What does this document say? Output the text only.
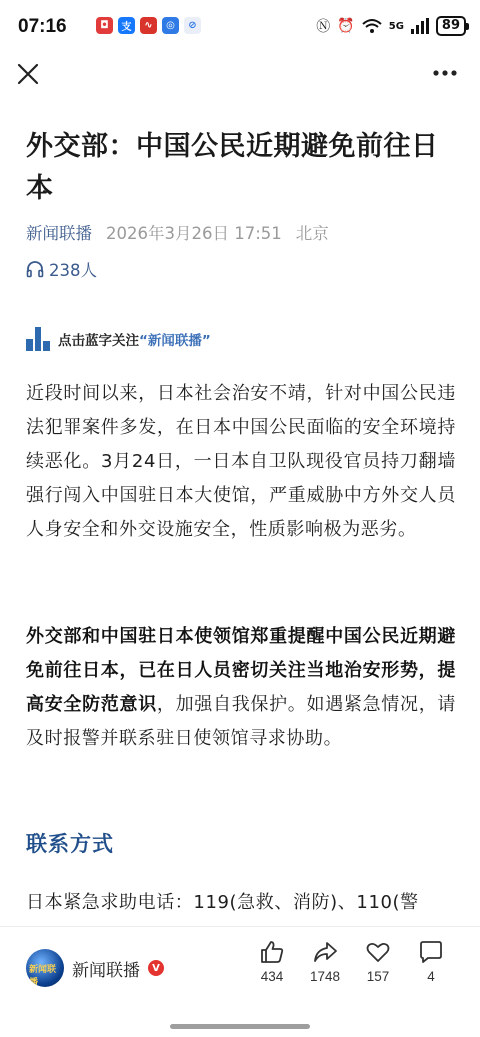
07:16	◘	支	∿	◎	⊘	Ⓝ ⏰	5G	89
外交部：中国公民近期避免前往日本
新闻联播 2026年3月26日 17:51 北京
238人
点击蓝字关注 “新闻联播”
近段时间以来，日本社会治安不靖，针对中国公民违法犯罪案件多发，在日本中国公民面临的安全环境持续恶化。3月24日，一日本自卫队现役官员持刀翻墙强行闯入中国驻日本大使馆，严重威胁中方外交人员人身安全和外交设施安全，性质影响极为恶劣。
外交部和中国驻日本使领馆郑重提醒中国公民近期避免前往日本，已在日人员密切关注当地治安形势，提高安全防范意识，加强自我保护。如遇紧急情况，请及时报警并联系驻日使领馆寻求协助。
联系方式
日本紧急求助电话：119(急救、消防)、110(警
新闻联播
新闻联播	V
434	1748	157	4
